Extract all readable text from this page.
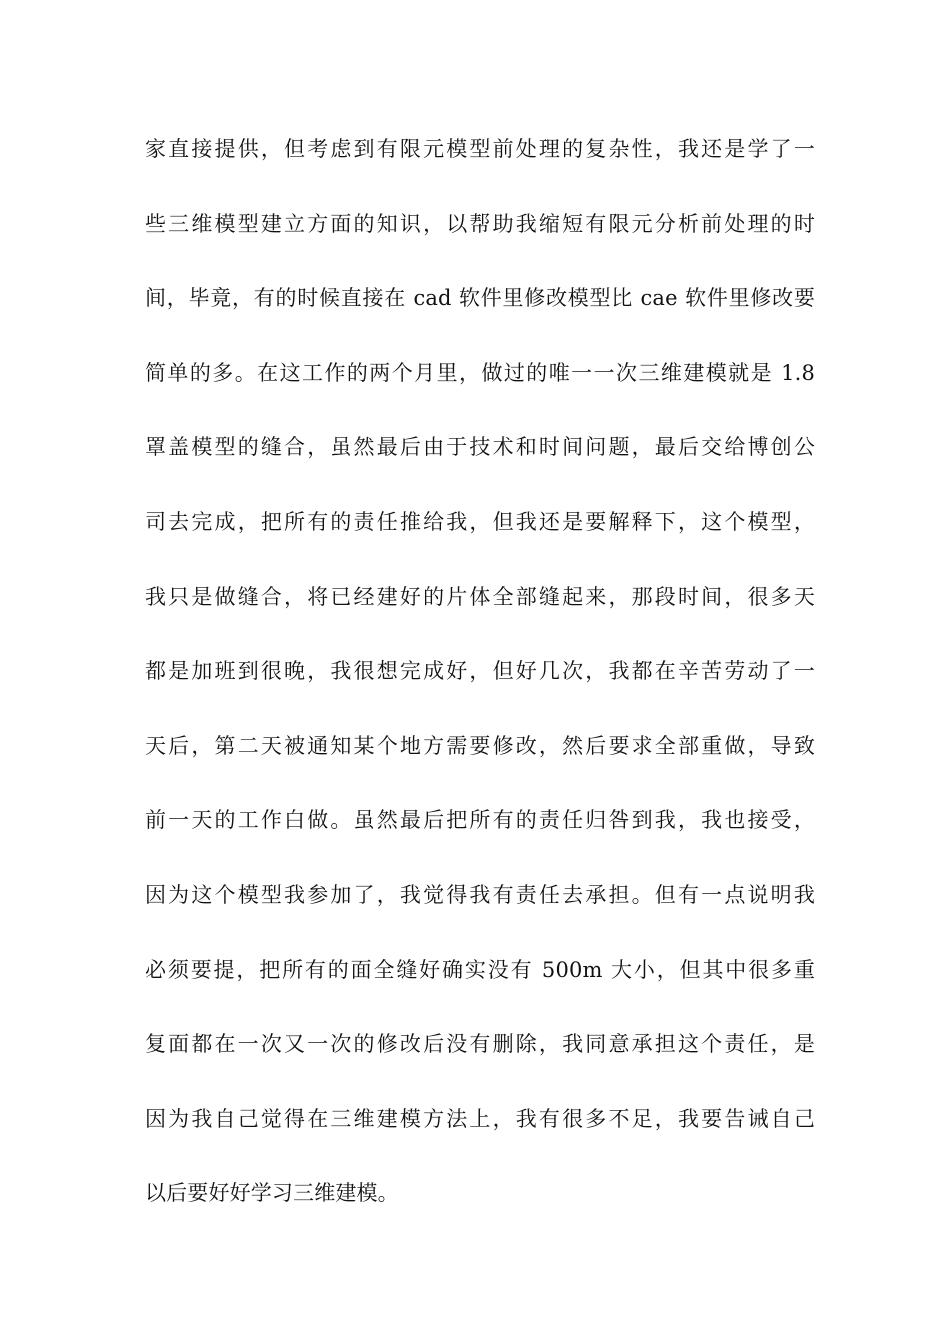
家直接提供，但考虑到有限元模型前处理的复杂性，我还是学了一
些三维模型建立方面的知识，以帮助我缩短有限元分析前处理的时
间，毕竟，有的时候直接在 cad 软件里修改模型比 cae 软件里修改要
简单的多。在这工作的两个月里，做过的唯一一次三维建模就是 1.8
罩盖模型的缝合，虽然最后由于技术和时间问题，最后交给博创公
司去完成，把所有的责任推给我，但我还是要解释下，这个模型，
我只是做缝合，将已经建好的片体全部缝起来，那段时间，很多天
都是加班到很晚，我很想完成好，但好几次，我都在辛苦劳动了一
天后，第二天被通知某个地方需要修改，然后要求全部重做，导致
前一天的工作白做。虽然最后把所有的责任归咎到我，我也接受，
因为这个模型我参加了，我觉得我有责任去承担。但有一点说明我
必须要提，把所有的面全缝好确实没有 500m 大小，但其中很多重
复面都在一次又一次的修改后没有删除，我同意承担这个责任，是
因为我自己觉得在三维建模方法上，我有很多不足，我要告诫自己
以后要好好学习三维建模。
